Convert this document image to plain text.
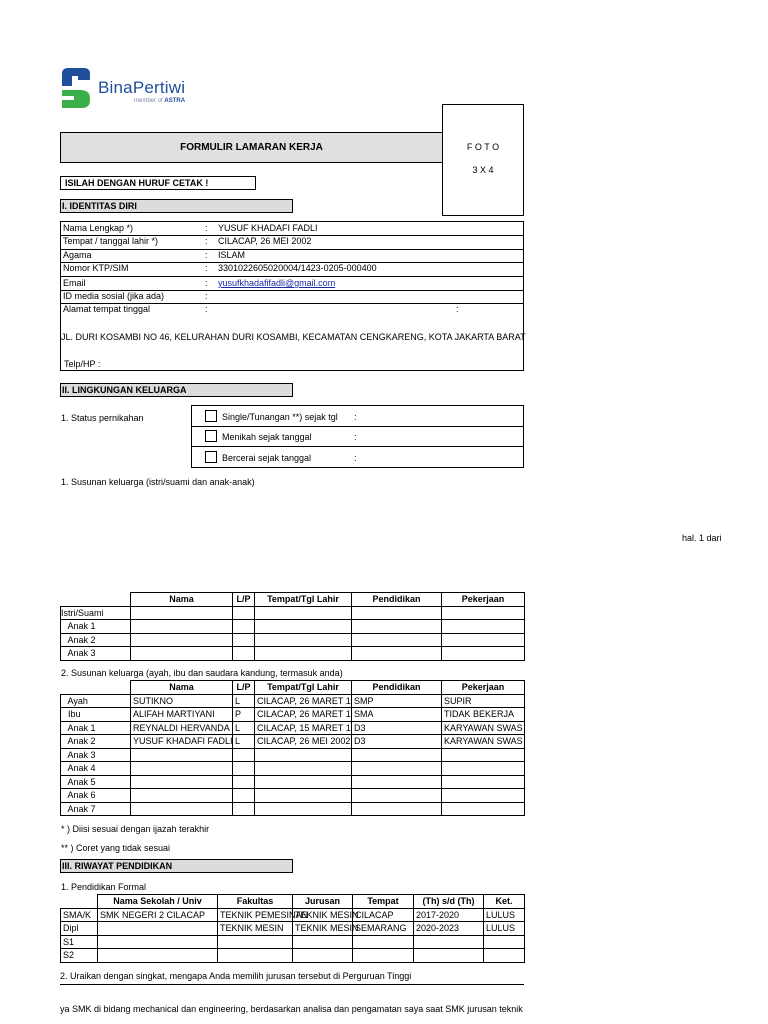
BinaPertiwi
member of ASTRA
FORMULIR LAMARAN KERJA	F O T O
3 X 4
ISILAH DENGAN HURUF CETAK !
I. IDENTITAS DIRI
Nama Lengkap *)	: YUSUF KHADAFI FADLI
Tempat / tanggal lahir *)	: CILACAP, 26 MEI 2002
Agama	: ISLAM
Nomor KTP/SIM	: 3301022605020004/1423-0205-000400
Email	: yusufkhadafifadli@gmail.com
ID media sosial (jika ada)	:
Alamat tempat tinggal	:	:
JL. DURI KOSAMBI NO 46, KELURAHAN DURI KOSAMBI, KECAMATAN CENGKARENG, KOTA JAKARTA BARAT
Telp/HP :
II. LINGKUNGAN KELUARGA
1. Status pernikahan	Single/Tunangan **) sejak tgl :
Menikah sejak tanggal	:
Bercerai sejak tanggal	:
1. Susunan keluarga (istri/suami dan anak-anak)
hal. 1 dari
	Nama	L/P	Tempat/Tgl Lahir	Pendidikan	Pekerjaan
Istri/Suami					
Anak 1					
Anak 2					
Anak 3					
2. Susunan keluarga (ayah, ibu dan saudara kandung, termasuk anda)
	Nama	L/P	Tempat/Tgl Lahir	Pendidikan	Pekerjaan
Ayah	SUTIKNO	L	CILACAP, 26 MARET 1	SMP	SUPIR
Ibu	ALIFAH MARTIYANI	P	CILACAP, 26 MARET 1	SMA	TIDAK BEKERJA
Anak 1	REYNALDI HERVANDA	L	CILACAP, 15 MARET 1	D3	KARYAWAN SWAS
Anak 2	YUSUF KHADAFI FADLI	L	CILACAP, 26 MEI 2002	D3	KARYAWAN SWAS
Anak 3					
Anak 4					
Anak 5					
Anak 6					
Anak 7					
* ) Diisi sesuai dengan ijazah terakhir
** ) Coret yang tidak sesuai
III. RIWAYAT PENDIDIKAN
1. Pendidikan Formal
	Nama Sekolah / Univ	Fakultas	Jurusan	Tempat	(Th) s/d (Th)	Ket.
SMA/K	SMK NEGERI 2 CILACAP	TEKNIK PEMESINAN	TEKNIK MESIN	CILACAP	2017-2020	LULUS
Dipl		TEKNIK MESIN	TEKNIK MESIN	SEMARANG	2020-2023	LULUS
S1						
S2						
2. Uraikan dengan singkat, mengapa Anda memilih jurusan tersebut di Perguruan Tinggi
ya SMK di bidang mechanical dan engineering, berdasarkan analisa dan pengamatan saya saat SMK jurusan teknik
